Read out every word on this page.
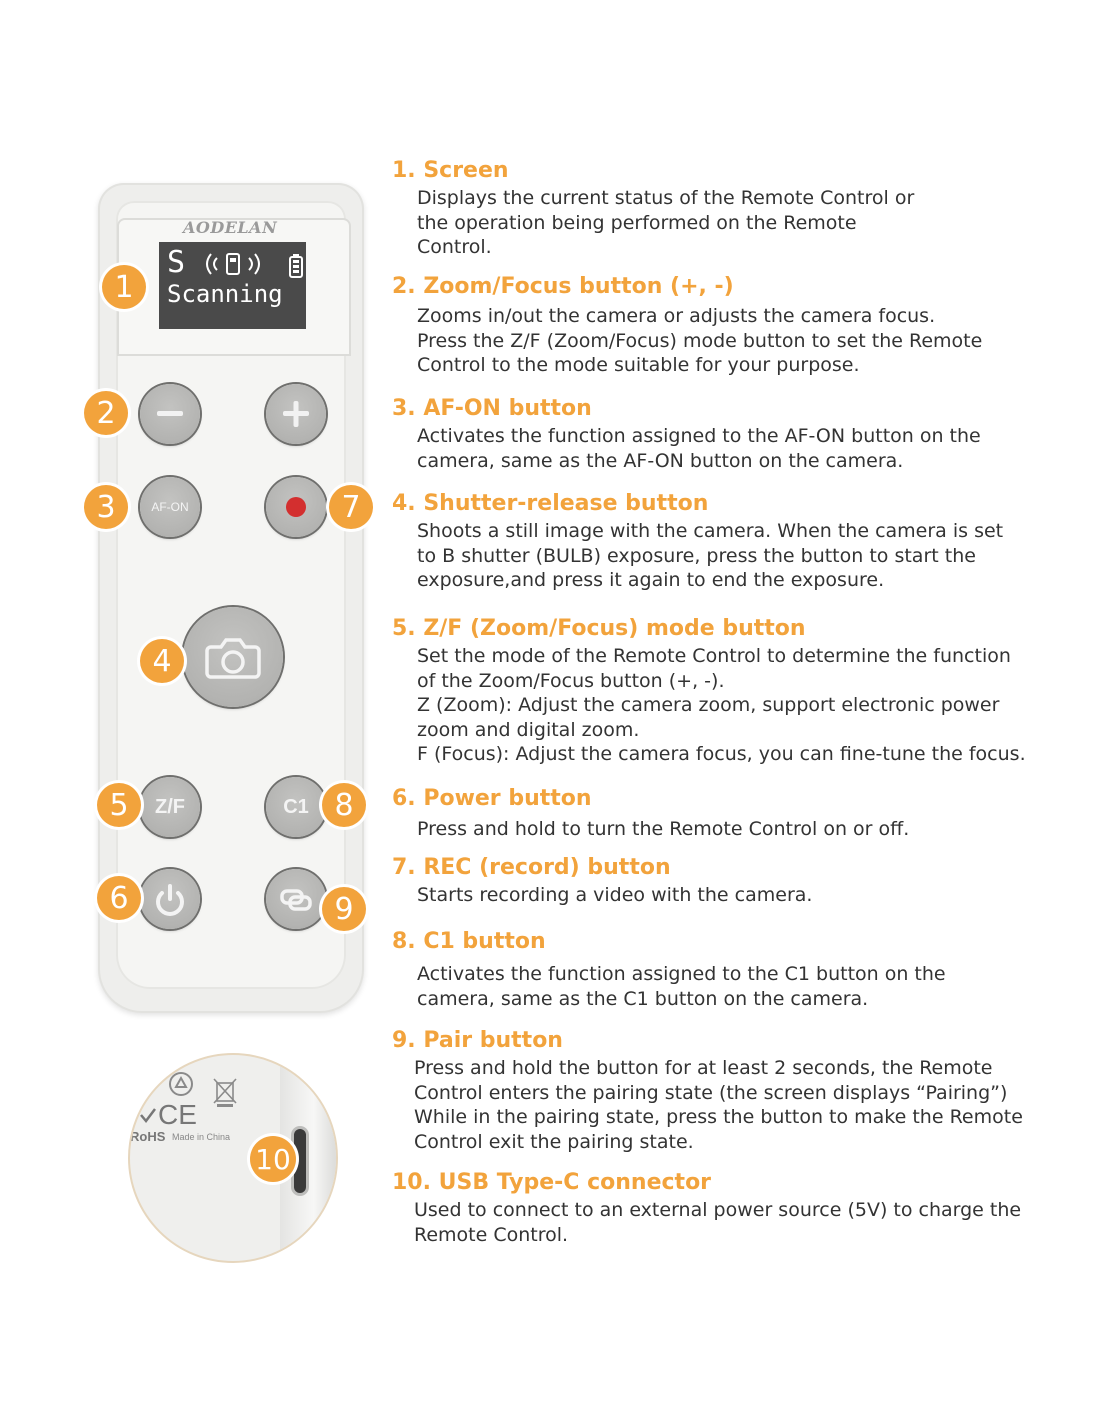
AODELAN
S
Scanning
AF-ON
Z/F	C1
1
2
3
4
5
6
7
8
9
CE
RoHS Made in China
10
1. Screen
Displays the current status of the Remote Control or
the operation being performed on the Remote
Control.
2. Zoom/Focus button (+, -)
Zooms in/out the camera or adjusts the camera focus.
Press the Z/F (Zoom/Focus) mode button to set the Remote
Control to the mode suitable for your purpose.
3. AF-ON button
Activates the function assigned to the AF-ON button on the
camera, same as the AF-ON button on the camera.
4. Shutter-release button
Shoots a still image with the camera. When the camera is set
to B shutter (BULB) exposure, press the button to start the
exposure,and press it again to end the exposure.
5. Z/F (Zoom/Focus) mode button
Set the mode of the Remote Control to determine the function
of the Zoom/Focus button (+, -).
Z (Zoom): Adjust the camera zoom, support electronic power
zoom and digital zoom.
F (Focus): Adjust the camera focus, you can fine-tune the focus.
6. Power button
Press and hold to turn the Remote Control on or off.
7. REC (record) button
Starts recording a video with the camera.
8. C1 button
Activates the function assigned to the C1 button on the
camera, same as the C1 button on the camera.
9. Pair button
Press and hold the button for at least 2 seconds, the Remote
Control enters the pairing state (the screen displays “Pairing”)
While in the pairing state, press the button to make the Remote
Control exit the pairing state.
10. USB Type-C connector
Used to connect to an external power source (5V) to charge the
Remote Control.
